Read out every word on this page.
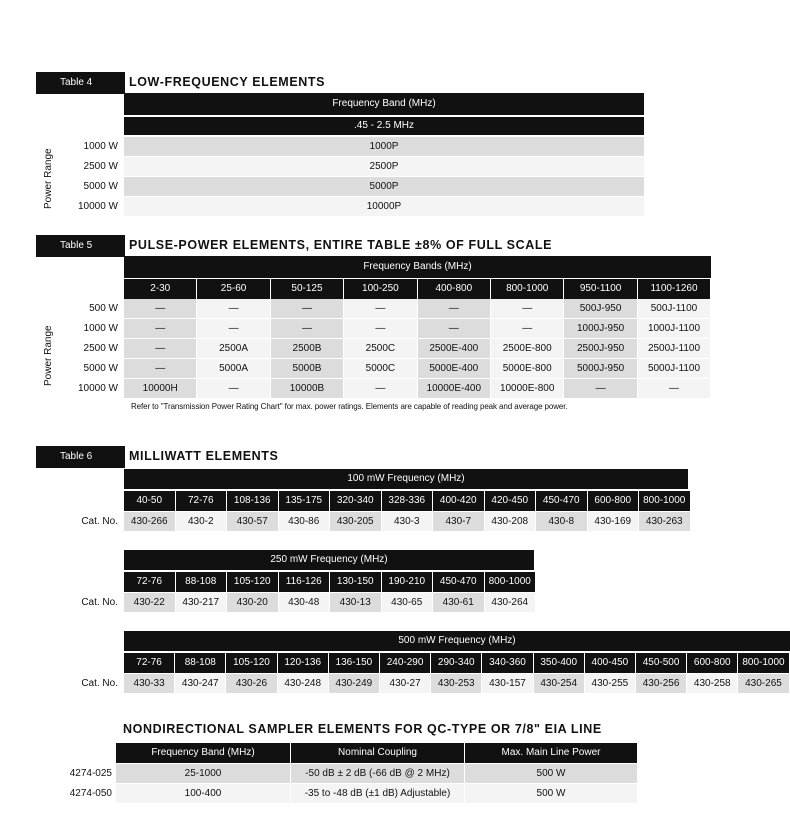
Table 4	LOW-FREQUENCY ELEMENTS
Frequency Band (MHz)
.45 - 2.5 MHz
Power Range
1000 W	1000P
2500 W	2500P
5000 W	5000P
10000 W	10000P
Table 5	PULSE-POWER ELEMENTS, ENTIRE TABLE ±8% OF FULL SCALE
Frequency Bands (MHz)
Power Range
2-30	25-60	50-125	100-250	400-800	800-1000	950-1100	1100-1260
500 W	—	—	—	—	—	—	500J-950	500J-1100
1000 W	—	—	—	—	—	—	1000J-950	1000J-1100
2500 W	—	2500A	2500B	2500C	2500E-400	2500E-800	2500J-950	2500J-1100
5000 W	—	5000A	5000B	5000C	5000E-400	5000E-800	5000J-950	5000J-1100
10000 W	10000H	—	10000B	—	10000E-400	10000E-800	—	—
Refer to "Transmission Power Rating Chart" for max. power ratings. Elements are capable of reading peak and average power.
Table 6	MILLIWATT ELEMENTS
100 mW Frequency (MHz)
40-50	72-76	108-136	135-175	320-340	328-336	400-420	420-450	450-470	600-800	800-1000
Cat. No.	430-266	430-2	430-57	430-86	430-205	430-3	430-7	430-208	430-8	430-169	430-263
250 mW Frequency (MHz)
72-76	88-108	105-120	116-126	130-150	190-210	450-470	800-1000
Cat. No.	430-22	430-217	430-20	430-48	430-13	430-65	430-61	430-264
500 mW Frequency (MHz)
72-76	88-108	105-120	120-136	136-150	240-290	290-340	340-360	350-400	400-450	450-500	600-800	800-1000
Cat. No.	430-33	430-247	430-26	430-248	430-249	430-27	430-253	430-157	430-254	430-255	430-256	430-258	430-265
NONDIRECTIONAL SAMPLER ELEMENTS FOR QC-TYPE OR 7/8" EIA LINE
Frequency Band (MHz)	Nominal Coupling	Max. Main Line Power
4274-025	25-1000	-50 dB ± 2 dB (-66 dB @ 2 MHz)	500 W
4274-050	100-400	-35 to -48 dB (±1 dB) Adjustable)	500 W
